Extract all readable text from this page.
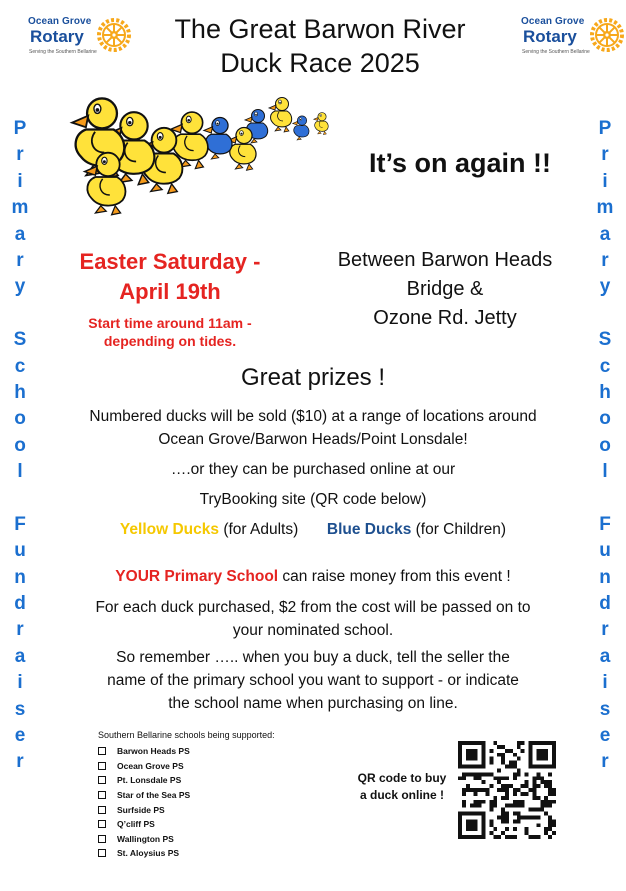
Ocean Grove
Rotary
Serving the Southern Bellarine
Ocean Grove
Rotary
Serving the Southern Bellarine
The Great Barwon River
Duck Race 2025
P
r
i
m
a
r
y
S
c
h
o
o
l
F
u
n
d
r
a
i
s
e
r
P
r
i
m
a
r
y
S
c
h
o
o
l
F
u
n
d
r
a
i
s
e
r
It’s on again !!
Easter Saturday -
April 19th
Start time around 11am -
depending on tides.
Between Barwon Heads
Bridge &
Ozone Rd. Jetty
Great prizes !
Numbered ducks will be sold ($10) at a range of locations around
Ocean Grove/Barwon Heads/Point Lonsdale!
….or they can be purchased online at our
TryBooking site (QR code below)
Yellow Ducks (for Adults) Blue Ducks (for Children)
YOUR Primary School can raise money from this event !
For each duck purchased, $2 from the cost will be passed on to
your nominated school.
So remember ….. when you buy a duck, tell the seller the
name of the primary school you want to support - or indicate
the school name when purchasing on line.
Southern Bellarine schools being supported:
Barwon Heads PS
Ocean Grove PS
Pt. Lonsdale PS
Star of the Sea PS
Surfside PS
Q’cliff PS
Wallington PS
St. Aloysius PS
QR code to buy
a duck online !
